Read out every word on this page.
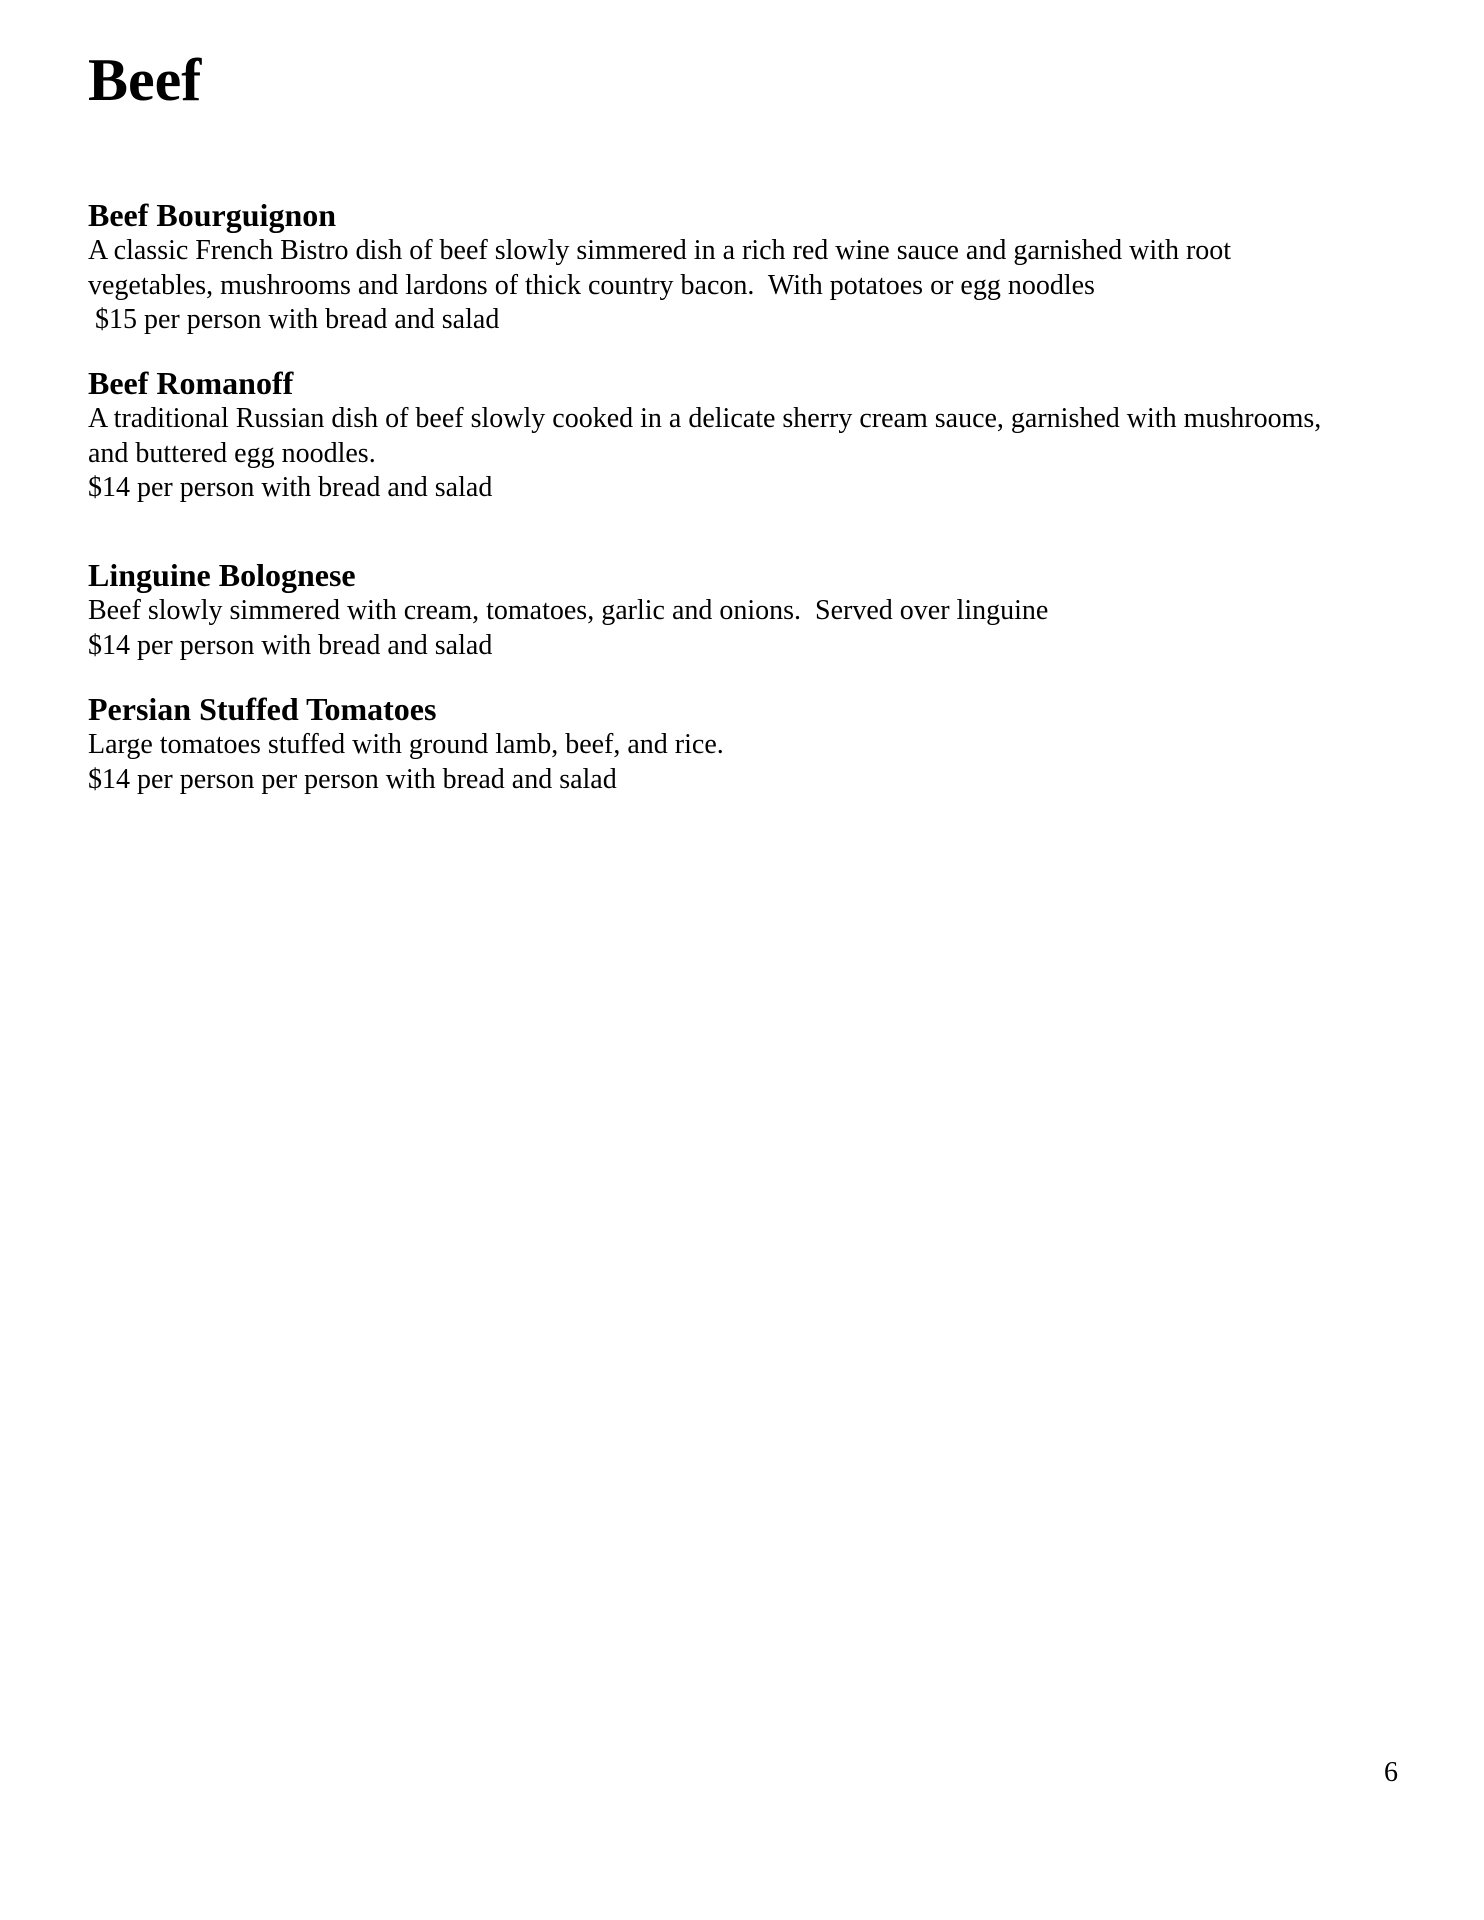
Beef
Beef Bourguignon
A classic French Bistro dish of beef slowly simmered in a rich red wine sauce and garnished with root
vegetables, mushrooms and lardons of thick country bacon.  With potatoes or egg noodles
$15 per person with bread and salad
Beef Romanoff
A traditional Russian dish of beef slowly cooked in a delicate sherry cream sauce, garnished with mushrooms,
and buttered egg noodles.
$14 per person with bread and salad
Linguine Bolognese
Beef slowly simmered with cream, tomatoes, garlic and onions.  Served over linguine
$14 per person with bread and salad
Persian Stuffed Tomatoes
Large tomatoes stuffed with ground lamb, beef, and rice.
$14 per person per person with bread and salad
6
